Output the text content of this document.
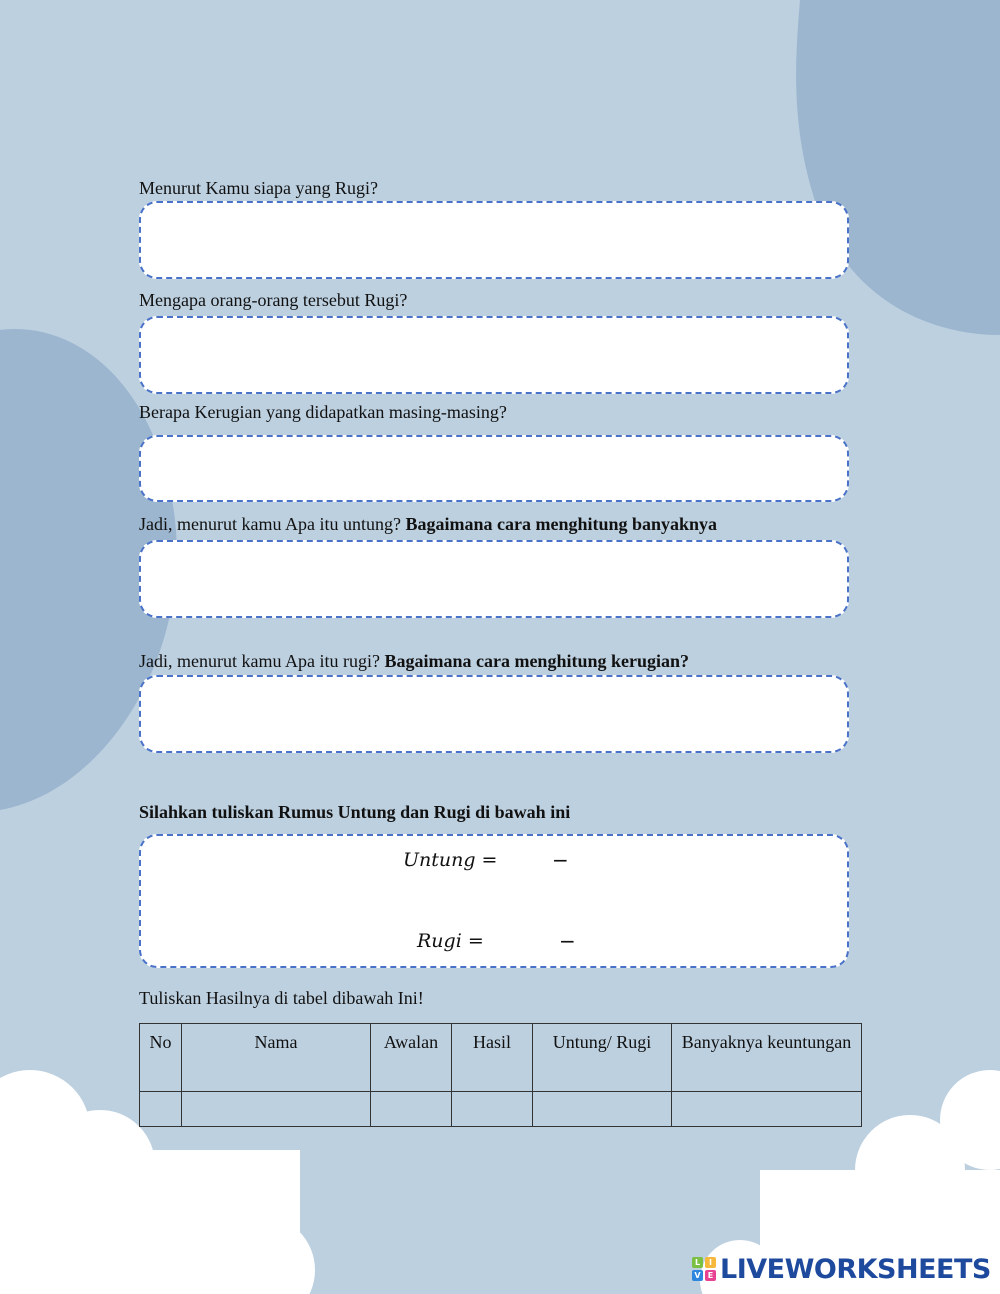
Menurut Kamu siapa yang Rugi?
Mengapa orang-orang tersebut Rugi?
Berapa Kerugian yang didapatkan masing-masing?
Jadi, menurut kamu Apa itu untung? Bagaimana cara menghitung banyaknya
Jadi, menurut kamu Apa itu rugi? Bagaimana cara menghitung kerugian?
Silahkan tuliskan Rumus Untung dan Rugi di bawah ini
Untung =	−
Rugi =	−
Tuliskan Hasilnya di tabel dibawah Ini!
No	Nama	Awalan	Hasil	Untung/ Rugi	Banyaknya keuntungan

L	I
V E LIVEWORKSHEETS
